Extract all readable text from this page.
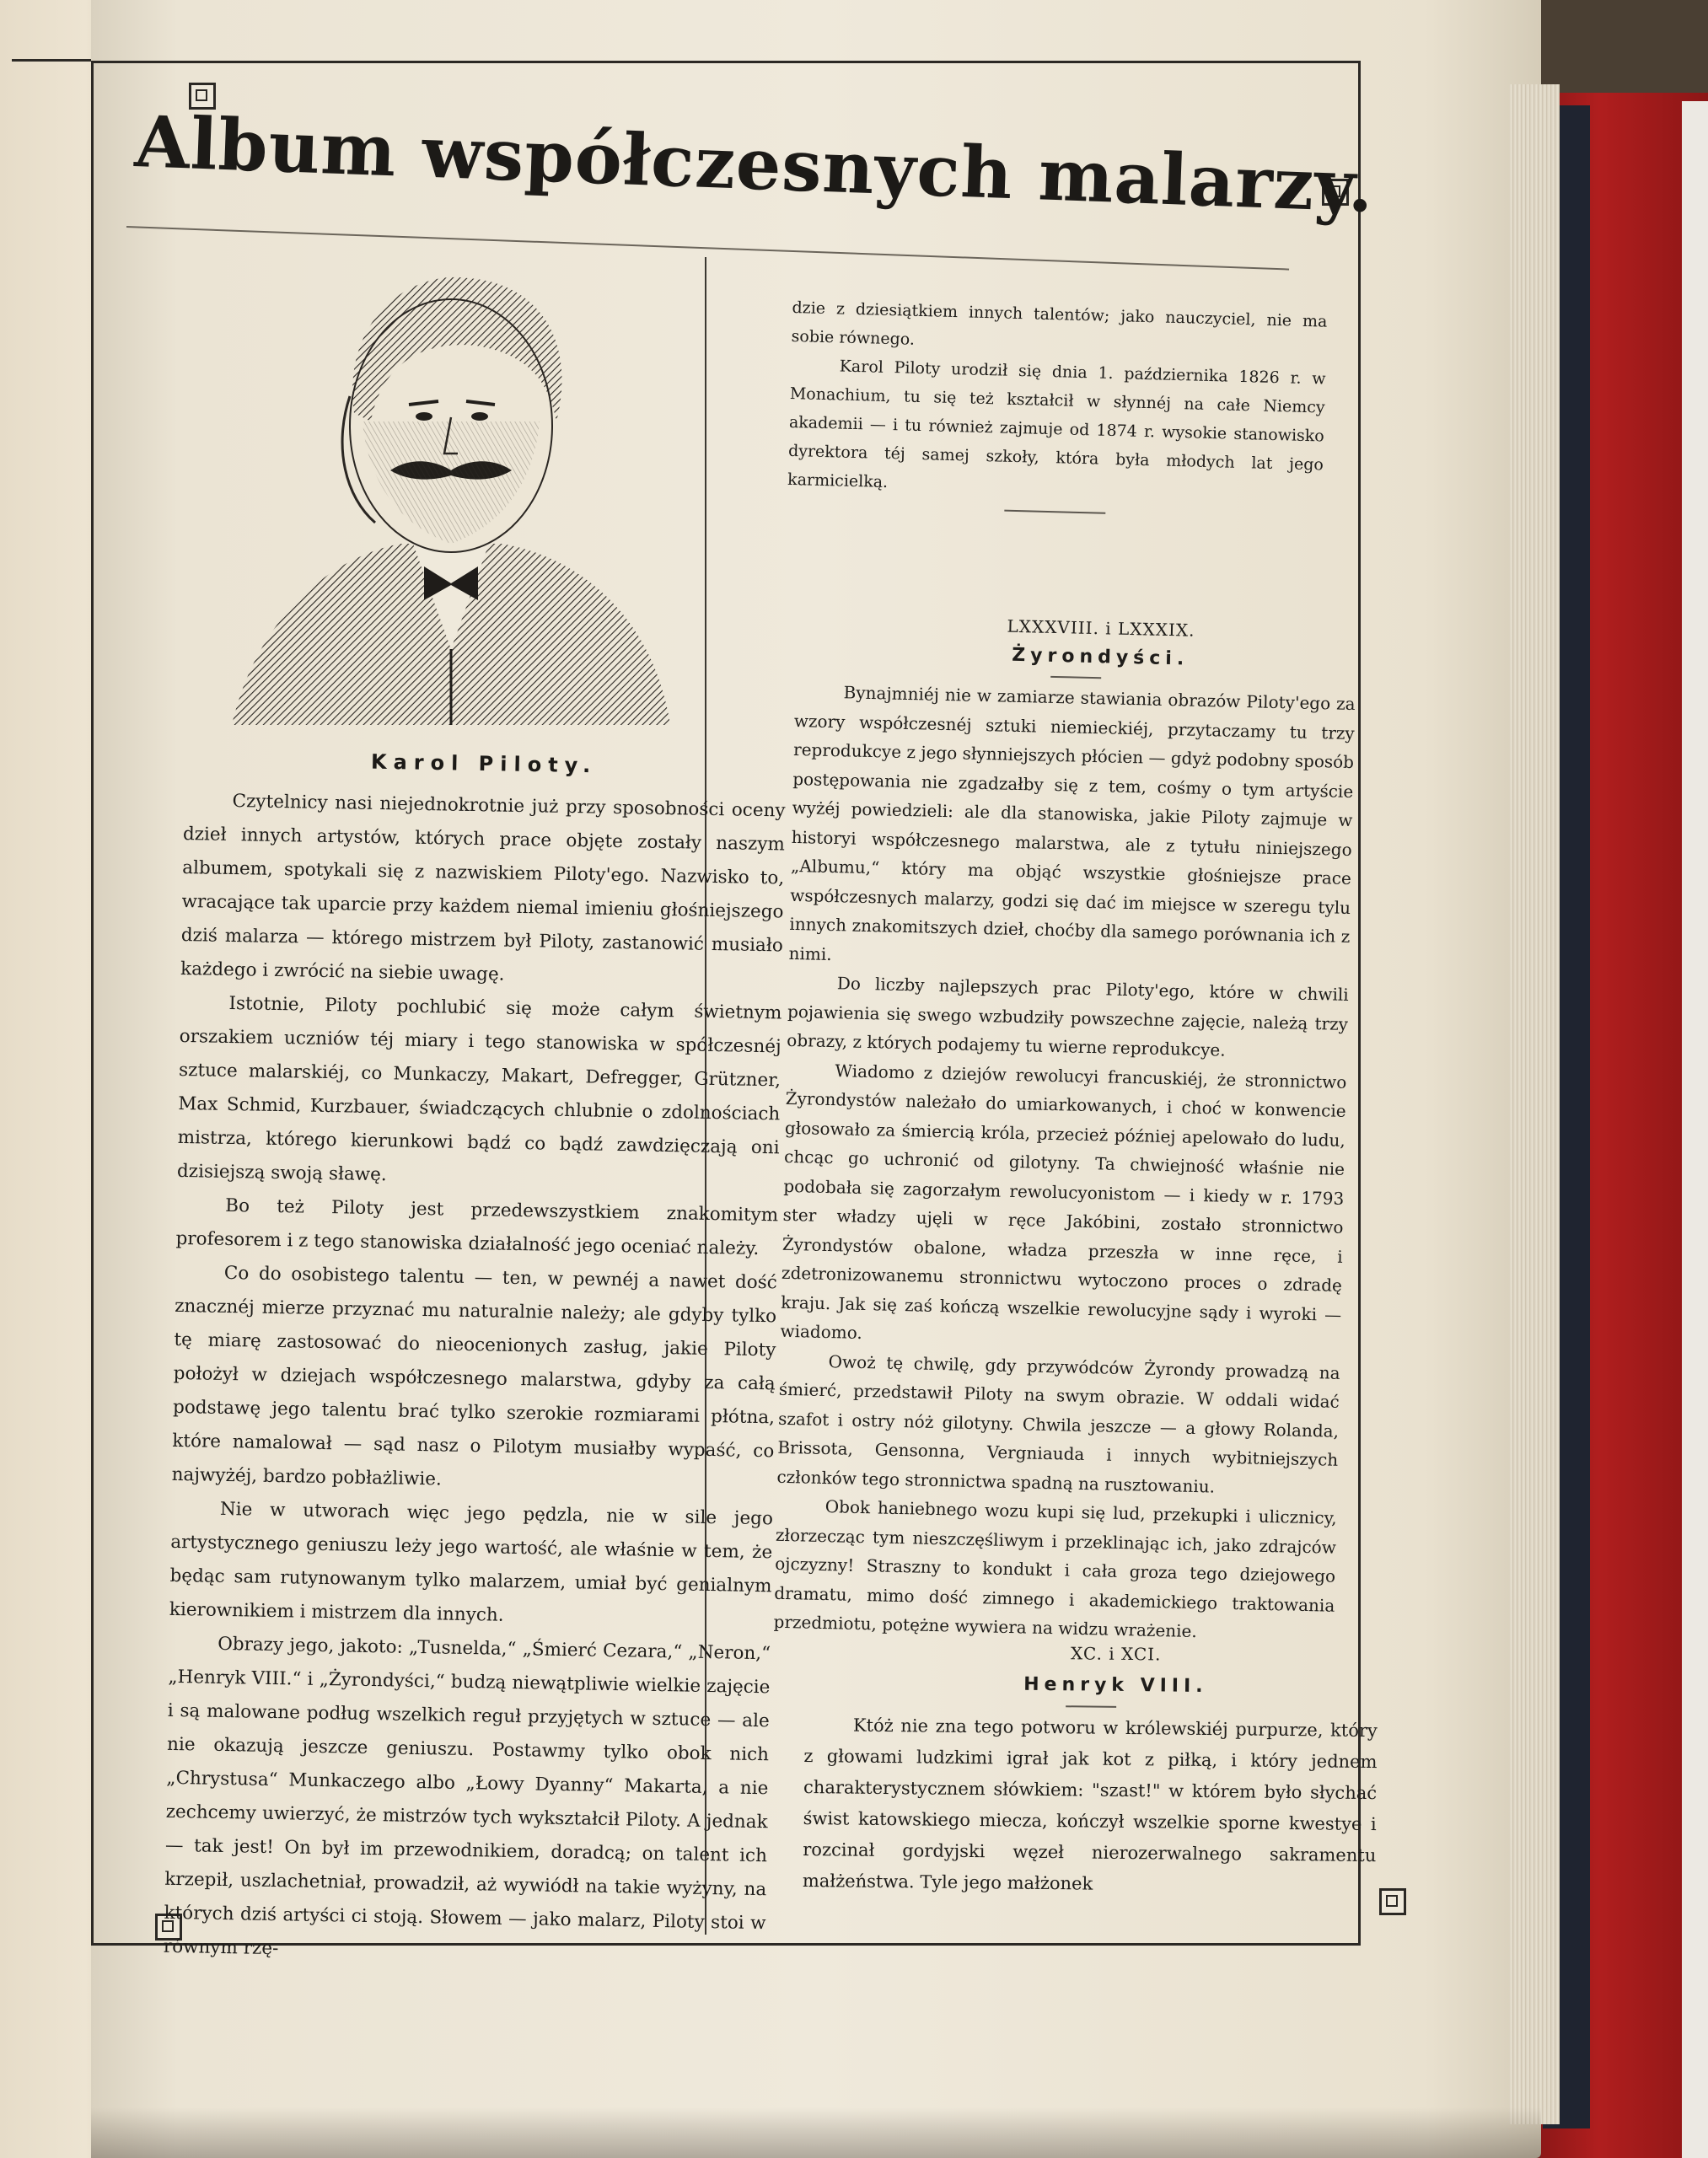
Album współczesnych malarzy.
Karol Piloty.

Czytelnicy nasi niejednokrotnie już przy sposobności oceny dzieł innych artystów, których prace objęte zostały naszym albumem, spotykali się z nazwiskiem Piloty'ego. Nazwisko to, wracające tak uparcie przy każdem niemal imieniu głośniejszego dziś malarza — którego mistrzem był Piloty, zastanowić musiało każdego i zwrócić na siebie uwagę.

Istotnie, Piloty pochlubić się może całym świetnym orszakiem uczniów téj miary i tego stanowiska w spółczesnéj sztuce malarskiéj, co Munkaczy, Makart, Defregger, Grützner, Max Schmid, Kurzbauer, świadczących chlubnie o zdolnościach mistrza, którego kierunkowi bądź co bądź zawdzięczają oni dzisiejszą swoją sławę.

Bo też Piloty jest przedewszystkiem znakomitym profesorem i z tego stanowiska działalność jego oceniać należy.

Co do osobistego talentu — ten, w pewnéj a nawet dość znacznéj mierze przyznać mu naturalnie należy; ale gdyby tylko tę miarę zastosować do nieocenionych zasług, jakie Piloty położył w dziejach współczesnego malarstwa, gdyby za całą podstawę jego talentu brać tylko szerokie rozmiarami płótna, które namalował — sąd nasz o Pilotym musiałby wypaść, co najwyżéj, bardzo pobłażliwie.

Nie w utworach więc jego pędzla, nie w sile jego artystycznego geniuszu leży jego wartość, ale właśnie w tem, że będąc sam rutynowanym tylko malarzem, umiał być genialnym kierownikiem i mistrzem dla innych.

Obrazy jego, jakoto: „Tusnelda,“ „Śmierć Cezara,“ „Neron,“ „Henryk VIII.“ i „Żyrondyści,“ budzą niewątpliwie wielkie zajęcie i są malowane podług wszelkich reguł przyjętych w sztuce — ale nie okazują jeszcze geniuszu. Postawmy tylko obok nich „Chrystusa“ Munkaczego albo „Łowy Dyanny“ Makarta, a nie zechcemy uwierzyć, że mistrzów tych wykształcił Piloty. A jednak — tak jest! On był im przewodnikiem, doradcą; on talent ich krzepił, uszlachetniał, prowadził, aż wywiódł na takie wyżyny, na których dziś artyści ci stoją. Słowem — jako malarz, Piloty stoi w równym rzę-

dzie z dziesiątkiem innych talentów; jako nauczyciel, nie ma sobie równego.

Karol Piloty urodził się dnia 1. października 1826 r. w Monachium, tu się też kształcił w słynnéj na całe Niemcy akademii — i tu również zajmuje od 1874 r. wysokie stanowisko dyrektora téj samej szkoły, która była młodych lat jego karmicielką.

LXXXVIII. i LXXXIX.

Żyrondyści.

Bynajmniéj nie w zamiarze stawiania obrazów Piloty'ego za wzory współczesnéj sztuki niemieckiéj, przytaczamy tu trzy reprodukcye z jego słynniejszych płócien — gdyż podobny sposób postępowania nie zgadzałby się z tem, cośmy o tym artyście wyżéj powiedzieli: ale dla stanowiska, jakie Piloty zajmuje w historyi współczesnego malarstwa, ale z tytułu niniejszego „Albumu,“ który ma objąć wszystkie głośniejsze prace współczesnych malarzy, godzi się dać im miejsce w szeregu tylu innych znakomitszych dzieł, choćby dla samego porównania ich z nimi.

Do liczby najlepszych prac Piloty'ego, które w chwili pojawienia się swego wzbudziły powszechne zajęcie, należą trzy obrazy, z których podajemy tu wierne reprodukcye.

Wiadomo z dziejów rewolucyi francuskiéj, że stronnictwo Żyrondystów należało do umiarkowanych, i choć w konwencie głosowało za śmiercią króla, przecież później apelowało do ludu, chcąc go uchronić od gilotyny. Ta chwiejność właśnie nie podobała się zagorzałym rewolucyonistom — i kiedy w r. 1793 ster władzy ujęli w ręce Jakóbini, zostało stronnictwo Żyrondystów obalone, władza przeszła w inne ręce, i zdetronizowanemu stronnictwu wytoczono proces o zdradę kraju. Jak się zaś kończą wszelkie rewolucyjne sądy i wyroki — wiadomo.

Owoż tę chwilę, gdy przywódców Żyrondy prowadzą na śmierć, przedstawił Piloty na swym obrazie. W oddali widać szafot i ostry nóż gilotyny. Chwila jeszcze — a głowy Rolanda, Brissota, Gensonna, Vergniauda i innych wybitniejszych członków tego stronnictwa spadną na rusztowaniu.

Obok haniebnego wozu kupi się lud, przekupki i ulicznicy, złorzecząc tym nieszczęśliwym i przeklinając ich, jako zdrajców ojczyzny! Straszny to kondukt i cała groza tego dziejowego dramatu, mimo dość zimnego i akademickiego traktowania przedmiotu, potężne wywiera na widzu wrażenie.

XC. i XCI.

Henryk VIII.

Któż nie zna tego potworu w królewskiéj purpurze, który z głowami ludzkimi igrał jak kot z piłką, i który jednem charakterystycznem słówkiem: "szast!" w którem było słychać świst katowskiego miecza, kończył wszelkie sporne kwestye i rozcinał gordyjski węzeł nierozerwalnego sakramentu małżeństwa. Tyle jego małżonek
